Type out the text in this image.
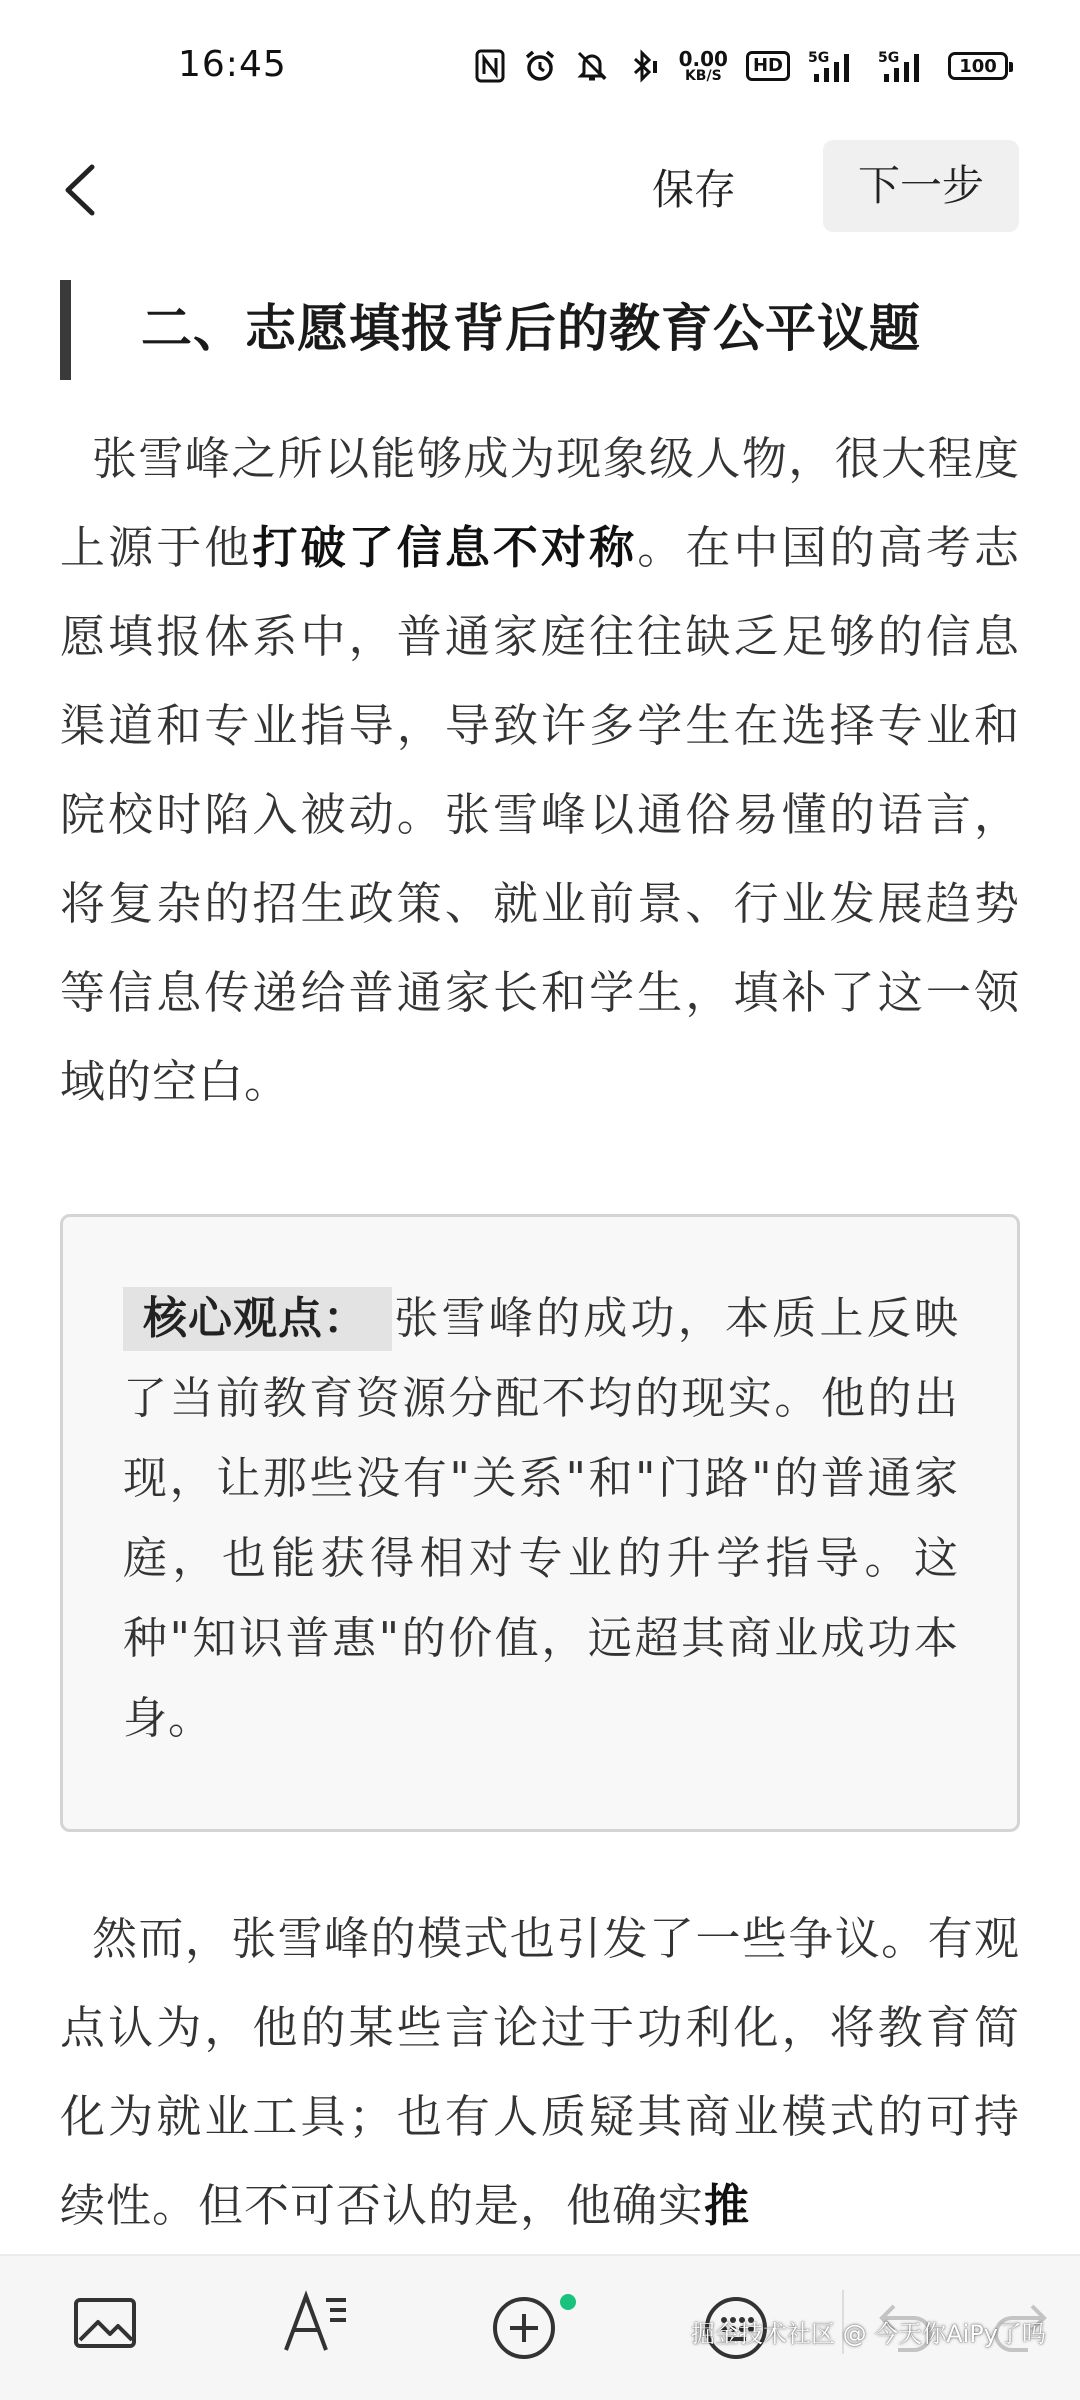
16:45	0.00
KB/S	HD	5G	5G	100
保存	下一步
二、志愿填报背后的教育公平议题

张雪峰之所以能够成为现象级人物，很大程度上源于他打破了信息不对称。在中国的高考志愿填报体系中，普通家庭往往缺乏足够的信息渠道和专业指导，导致许多学生在选择专业和院校时陷入被动。张雪峰以通俗易懂的语言，将复杂的招生政策、就业前景、行业发展趋势等信息传递给普通家长和学生，填补了这一领域的空白。

核心观点： 张雪峰的成功，本质上反映了当前教育资源分配不均的现实。他的出现，让那些没有"关系"和"门路"的普通家庭，也能获得相对专业的升学指导。这种"知识普惠"的价值，远超其商业成功本身。

然而，张雪峰的模式也引发了一些争议。有观点认为，他的某些言论过于功利化，将教育简化为就业工具；也有人质疑其商业模式的可持续性。但不可否认的是，他确实推

掘金技术社区 @ 今天你AiPy了吗
